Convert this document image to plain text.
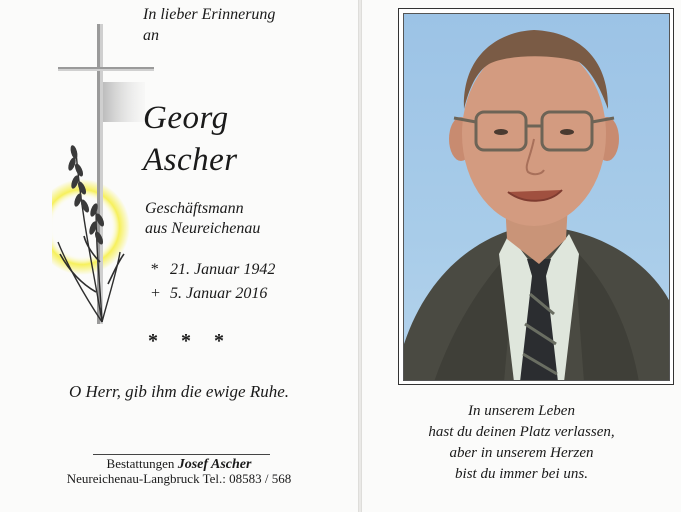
In lieber Erinnerung
an
Georg
Ascher
Geschäftsmann
aus Neureichenau
* 21. Januar 1942
+ 5. Januar 2016
* * *
O Herr, gib ihm die ewige Ruhe.
Bestattungen Josef Ascher
Neureichenau-Langbruck Tel.: 08583 / 568
In unserem Leben
hast du deinen Platz verlassen,
aber in unserem Herzen
bist du immer bei uns.
